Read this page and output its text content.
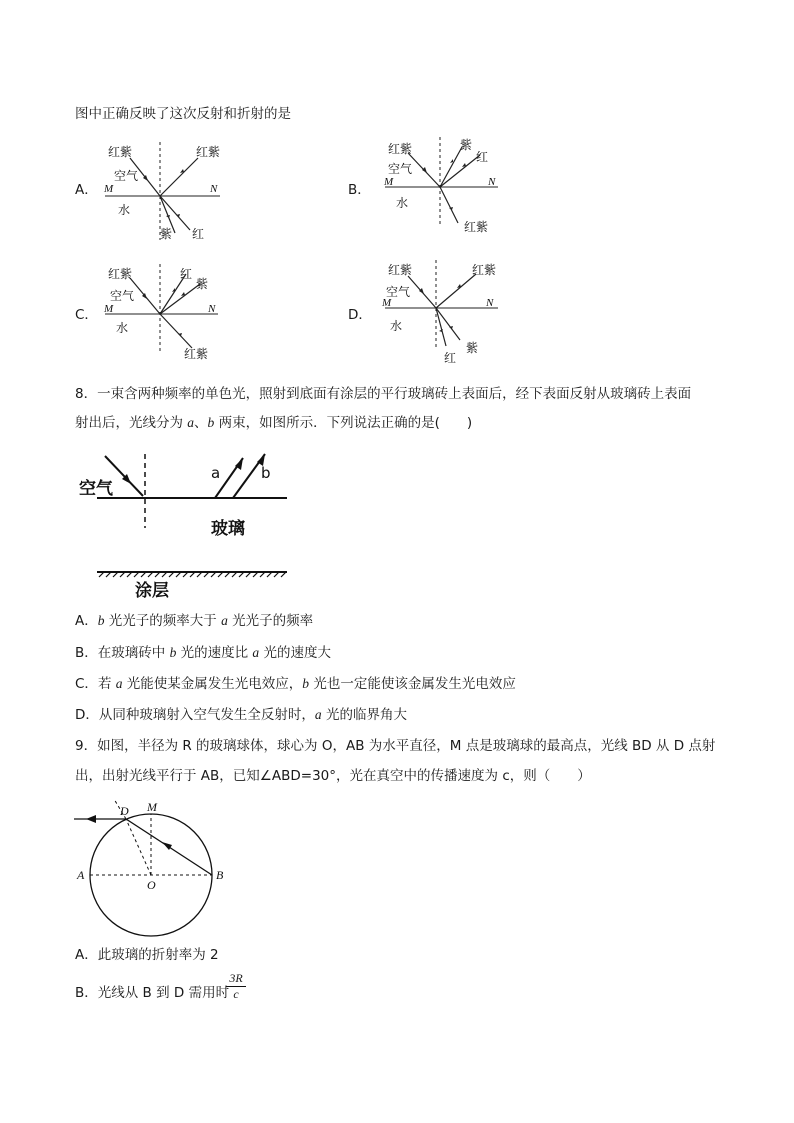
图中正确反映了这次反射和折射的是
A．
红紫	红紫
空气
M	N
水
紫 红
B．
红紫	紫
红
空气
M	N
水
红紫
C．
红紫	红
紫
空气
M	N
水
红紫
D．
红紫	红紫
空气
M	N
水
红
紫
8．一束含两种频率的单色光，照射到底面有涂层的平行玻璃砖上表面后，经下表面反射从玻璃砖上表面
射出后，光线分为 a、b 两束，如图所示．下列说法正确的是(　　)
空气
a	b
玻璃
涂层
A．b 光光子的频率大于 a 光光子的频率
B．在玻璃砖中 b 光的速度比 a 光的速度大
C．若 a 光能使某金属发生光电效应，b 光也一定能使该金属发生光电效应
D．从同种玻璃射入空气发生全反射时，a 光的临界角大
9．如图，半径为 R 的玻璃球体，球心为 O，AB 为水平直径，M 点是玻璃球的最高点，光线 BD 从 D 点射
出，出射光线平行于 AB，已知∠ABD=30°，光在真空中的传播速度为 c，则（　　）
M
D
A
O
B
A．此玻璃的折射率为 2
B．光线从 B 到 D 需用时
$\frac{3R}{c}$
